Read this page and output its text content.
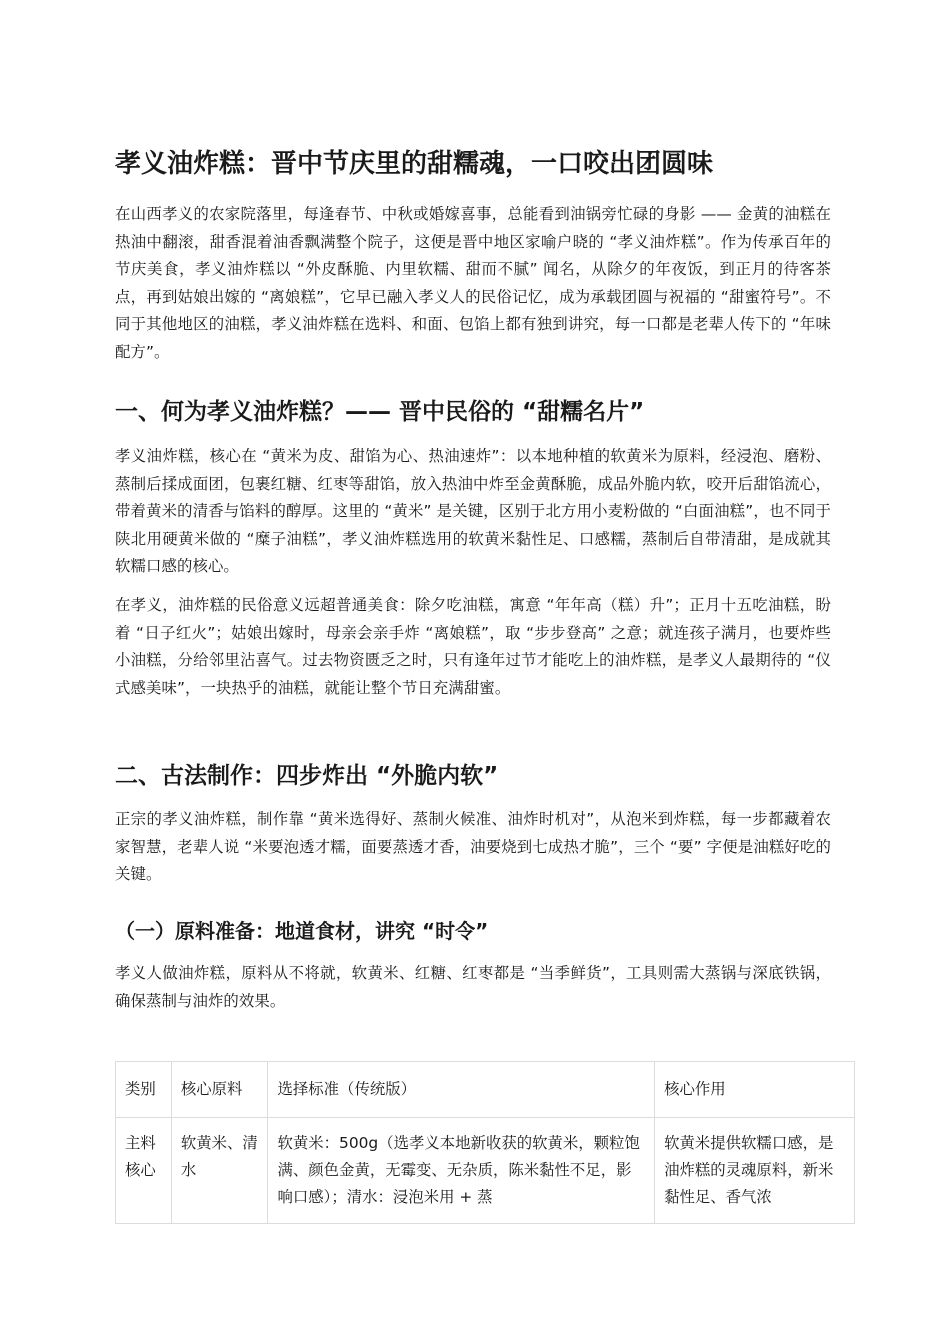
孝义油炸糕：晋中节庆里的甜糯魂，一口咬出团圆味

在山西孝义的农家院落里，每逢春节、中秋或婚嫁喜事，总能看到油锅旁忙碌的身影 —— 金黄的油糕在热油中翻滚，甜香混着油香飘满整个院子，这便是晋中地区家喻户晓的 “孝义油炸糕”。作为传承百年的节庆美食，孝义油炸糕以 “外皮酥脆、内里软糯、甜而不腻” 闻名，从除夕的年夜饭，到正月的待客茶点，再到姑娘出嫁的 “离娘糕”，它早已融入孝义人的民俗记忆，成为承载团圆与祝福的 “甜蜜符号”。不同于其他地区的油糕，孝义油炸糕在选料、和面、包馅上都有独到讲究，每一口都是老辈人传下的 “年味配方”。

一、何为孝义油炸糕？—— 晋中民俗的 “甜糯名片”

孝义油炸糕，核心在 “黄米为皮、甜馅为心、热油速炸”：以本地种植的软黄米为原料，经浸泡、磨粉、蒸制后揉成面团，包裹红糖、红枣等甜馅，放入热油中炸至金黄酥脆，成品外脆内软，咬开后甜馅流心，带着黄米的清香与馅料的醇厚。这里的 “黄米” 是关键，区别于北方用小麦粉做的 “白面油糕”，也不同于陕北用硬黄米做的 “糜子油糕”，孝义油炸糕选用的软黄米黏性足、口感糯，蒸制后自带清甜，是成就其软糯口感的核心。

在孝义，油炸糕的民俗意义远超普通美食：除夕吃油糕，寓意 “年年高（糕）升”；正月十五吃油糕，盼着 “日子红火”；姑娘出嫁时，母亲会亲手炸 “离娘糕”，取 “步步登高” 之意；就连孩子满月，也要炸些小油糕，分给邻里沾喜气。过去物资匮乏之时，只有逢年过节才能吃上的油炸糕，是孝义人最期待的 “仪式感美味”，一块热乎的油糕，就能让整个节日充满甜蜜。

二、古法制作：四步炸出 “外脆内软”

正宗的孝义油炸糕，制作靠 “黄米选得好、蒸制火候准、油炸时机对”，从泡米到炸糕，每一步都藏着农家智慧，老辈人说 “米要泡透才糯，面要蒸透才香，油要烧到七成热才脆”，三个 “要” 字便是油糕好吃的关键。

（一）原料准备：地道食材，讲究 “时令”

孝义人做油炸糕，原料从不将就，软黄米、红糖、红枣都是 “当季鲜货”，工具则需大蒸锅与深底铁锅，确保蒸制与油炸的效果。

类别	核心原料	选择标准（传统版）	核心作用

主料核心	软黄米、清水	软黄米：500g（选孝义本地新收获的软黄米，颗粒饱满、颜色金黄，无霉变、无杂质，陈米黏性不足，影响口感）；清水：浸泡米用 + 蒸	软黄米提供软糯口感，是油炸糕的灵魂原料，新米黏性足、香气浓
